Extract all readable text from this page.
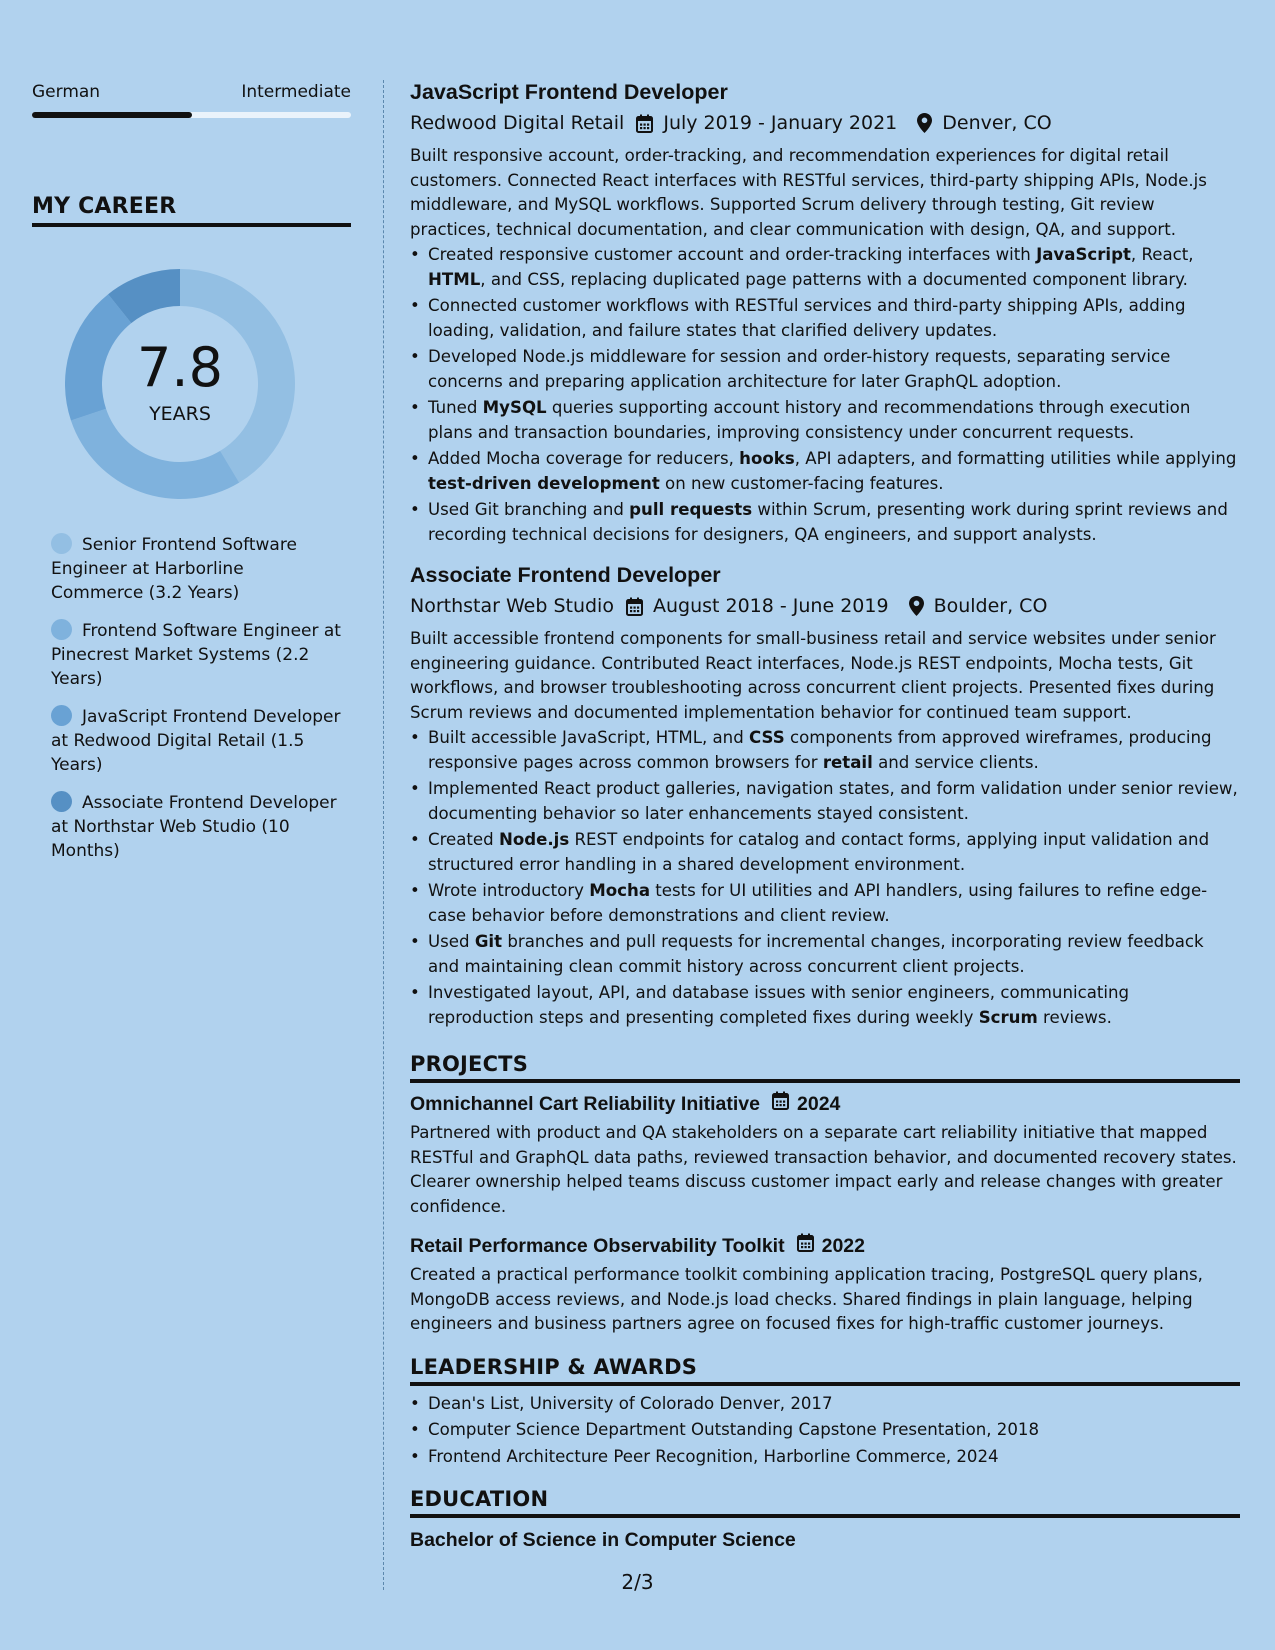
German	Intermediate
MY CAREER
7.8
YEARS
Senior Frontend Software Engineer at Harborline Commerce (3.2 Years)
Frontend Software Engineer at Pinecrest Market Systems (2.2 Years)
JavaScript Frontend Developer at Redwood Digital Retail (1.5 Years)
Associate Frontend Developer at Northstar Web Studio (10 Months)
JavaScript Frontend Developer
Redwood Digital Retail July 2019 - January 2021 Denver, CO
Built responsive account, order-tracking, and recommendation experiences for digital retail customers. Connected React interfaces with RESTful services, third-party shipping APIs, Node.js middleware, and MySQL workflows. Supported Scrum delivery through testing, Git review practices, technical documentation, and clear communication with design, QA, and support.
• Created responsive customer account and order-tracking interfaces with JavaScript, React, HTML, and CSS, replacing duplicated page patterns with a documented component library.
• Connected customer workflows with RESTful services and third-party shipping APIs, adding loading, validation, and failure states that clarified delivery updates.
• Developed Node.js middleware for session and order-history requests, separating service concerns and preparing application architecture for later GraphQL adoption.
• Tuned MySQL queries supporting account history and recommendations through execution plans and transaction boundaries, improving consistency under concurrent requests.
• Added Mocha coverage for reducers, hooks, API adapters, and formatting utilities while applying test-driven development on new customer-facing features.
• Used Git branching and pull requests within Scrum, presenting work during sprint reviews and recording technical decisions for designers, QA engineers, and support analysts.
Associate Frontend Developer
Northstar Web Studio August 2018 - June 2019 Boulder, CO
Built accessible frontend components for small-business retail and service websites under senior engineering guidance. Contributed React interfaces, Node.js REST endpoints, Mocha tests, Git workflows, and browser troubleshooting across concurrent client projects. Presented fixes during Scrum reviews and documented implementation behavior for continued team support.
• Built accessible JavaScript, HTML, and CSS components from approved wireframes, producing responsive pages across common browsers for retail and service clients.
• Implemented React product galleries, navigation states, and form validation under senior review, documenting behavior so later enhancements stayed consistent.
• Created Node.js REST endpoints for catalog and contact forms, applying input validation and structured error handling in a shared development environment.
• Wrote introductory Mocha tests for UI utilities and API handlers, using failures to refine edge-case behavior before demonstrations and client review.
• Used Git branches and pull requests for incremental changes, incorporating review feedback and maintaining clean commit history across concurrent client projects.
• Investigated layout, API, and database issues with senior engineers, communicating reproduction steps and presenting completed fixes during weekly Scrum reviews.
PROJECTS
Omnichannel Cart Reliability Initiative 2024
Partnered with product and QA stakeholders on a separate cart reliability initiative that mapped RESTful and GraphQL data paths, reviewed transaction behavior, and documented recovery states. Clearer ownership helped teams discuss customer impact early and release changes with greater confidence.
Retail Performance Observability Toolkit 2022
Created a practical performance toolkit combining application tracing, PostgreSQL query plans, MongoDB access reviews, and Node.js load checks. Shared findings in plain language, helping engineers and business partners agree on focused fixes for high-traffic customer journeys.
LEADERSHIP & AWARDS
• Dean's List, University of Colorado Denver, 2017
• Computer Science Department Outstanding Capstone Presentation, 2018
• Frontend Architecture Peer Recognition, Harborline Commerce, 2024
EDUCATION
Bachelor of Science in Computer Science
2/3
